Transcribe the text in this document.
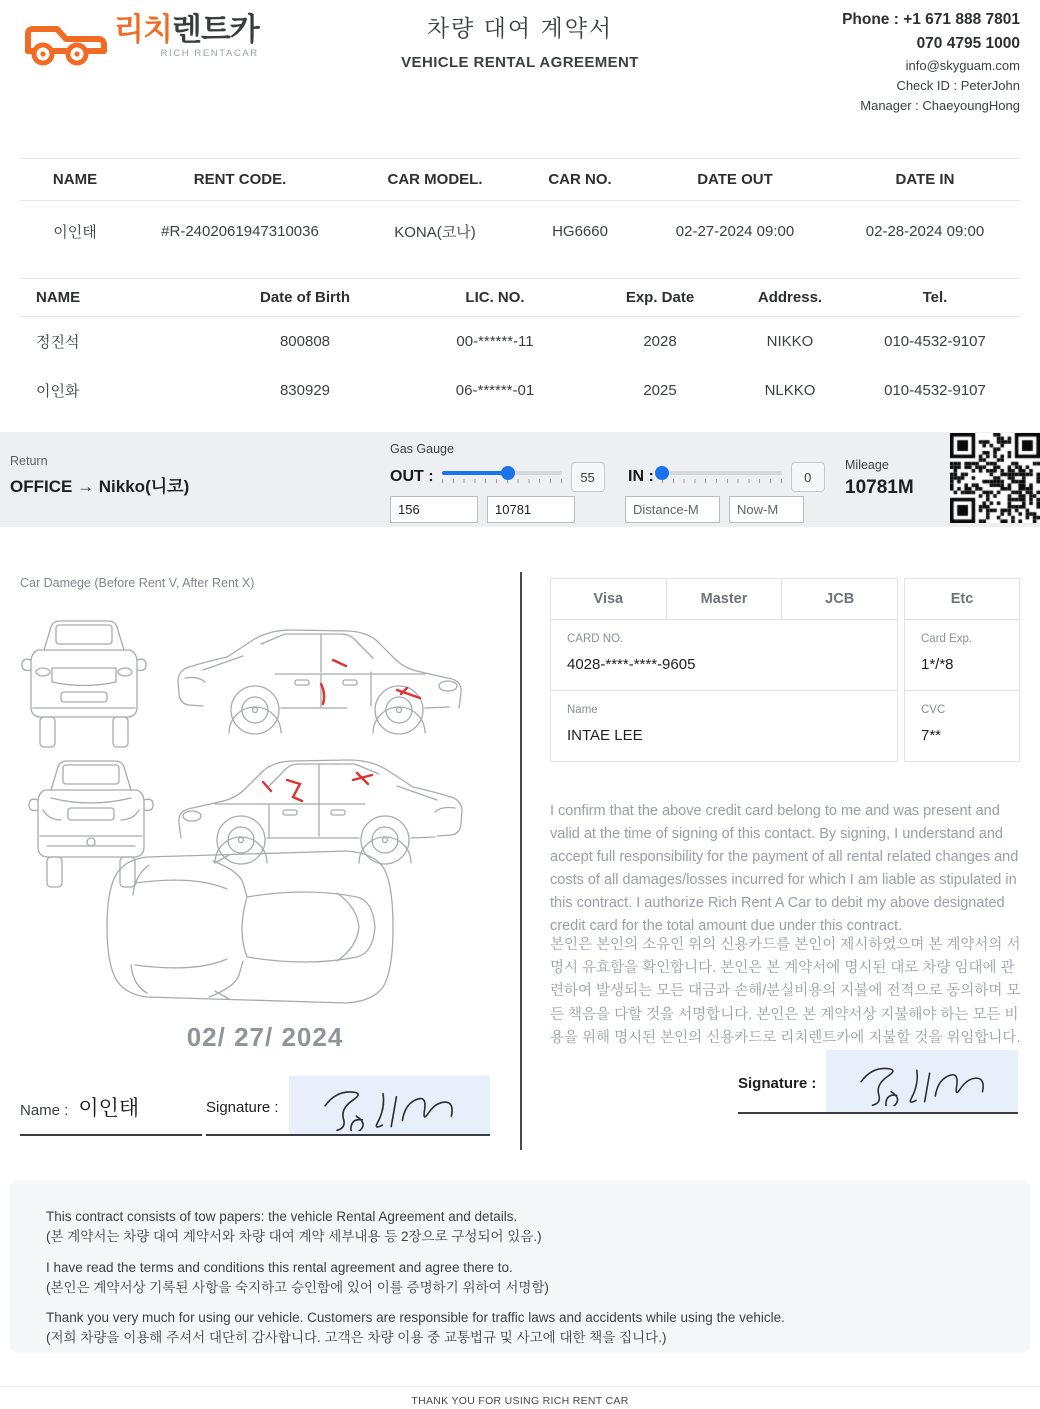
리치렌트카
RICH RENTACAR
차량 대여 계약서
VEHICLE RENTAL AGREEMENT
Phone : +1 671 888 7801
070 4795 1000
info@skyguam.com
Check ID : PeterJohn
Manager : ChaeyoungHong
NAME	RENT CODE.	CAR MODEL.	CAR NO.	DATE OUT	DATE IN
이인태	#R-2402061947310036	KONA(코나)	HG6660	02-27-2024 09:00	02-28-2024 09:00
NAME	Date of Birth	LIC. NO.	Exp. Date	Address.	Tel.
정진석	800808	00-******-11	2028	NIKKO	010-4532-9107
이인화	830929	06-******-01	2025	NLKKO	010-4532-9107
Return
OFFICE → Nikko(니코)
Gas Gauge
OUT :
55
156
10781	IN :
0
Distance-M
Now-M
Mileage
10781M
Car Damege (Before Rent V, After Rent X)
02/ 27/ 2024
Name : 이인태	Signature :
Visa	Master	JCB
CARD NO.
4028-****-****-9605
Name
INTAE LEE
Etc
Card Exp.
1*/*8
CVC
7**

I confirm that the above credit card belong to me and was present and valid at the time of signing of this contact. By signing, I understand and accept full responsibility for the payment of all rental related changes and costs of all damages/losses incurred for which I am liable as stipulated in this contract. I authorize Rich Rent A Car to debit my above designated credit card for the total amount due under this contract.

본인은 본인의 소유인 위의 신용카드를 본인이 제시하였으며 본 계약서의 서명시 유효함을 확인합니다. 본인은 본 계약서에 명시된 대로 차량 임대에 관련하여 발생되는 모든 대금과 손해/분실비용의 지불에 전적으로 동의하며 모든 책음을 다할 것을 서명합니다. 본인은 본 계약서상 지불해야 하는 모든 비용을 위해 명시된 본인의 신용카드로 리치렌트카에 지불할 것을 위임합니다.

Signature :

This contract consists of tow papers: the vehicle Rental Agreement and details.

(본 계약서는 차량 대여 계약서와 차량 대여 계약 세부내용 등 2장으로 구성되어 있음.)

I have read the terms and conditions this rental agreement and agree there to.

(본인은 계약서상 기록된 사항을 숙지하고 승인함에 있어 이를 증명하기 위하여 서명함)

Thank you very much for using our vehicle. Customers are responsible for traffic laws and accidents while using the vehicle.

(저희 차량을 이용해 주셔서 대단히 감사합니다. 고객은 차량 이용 중 교통법규 및 사고에 대한 책을 집니다.)

THANK YOU FOR USING RICH RENT CAR
